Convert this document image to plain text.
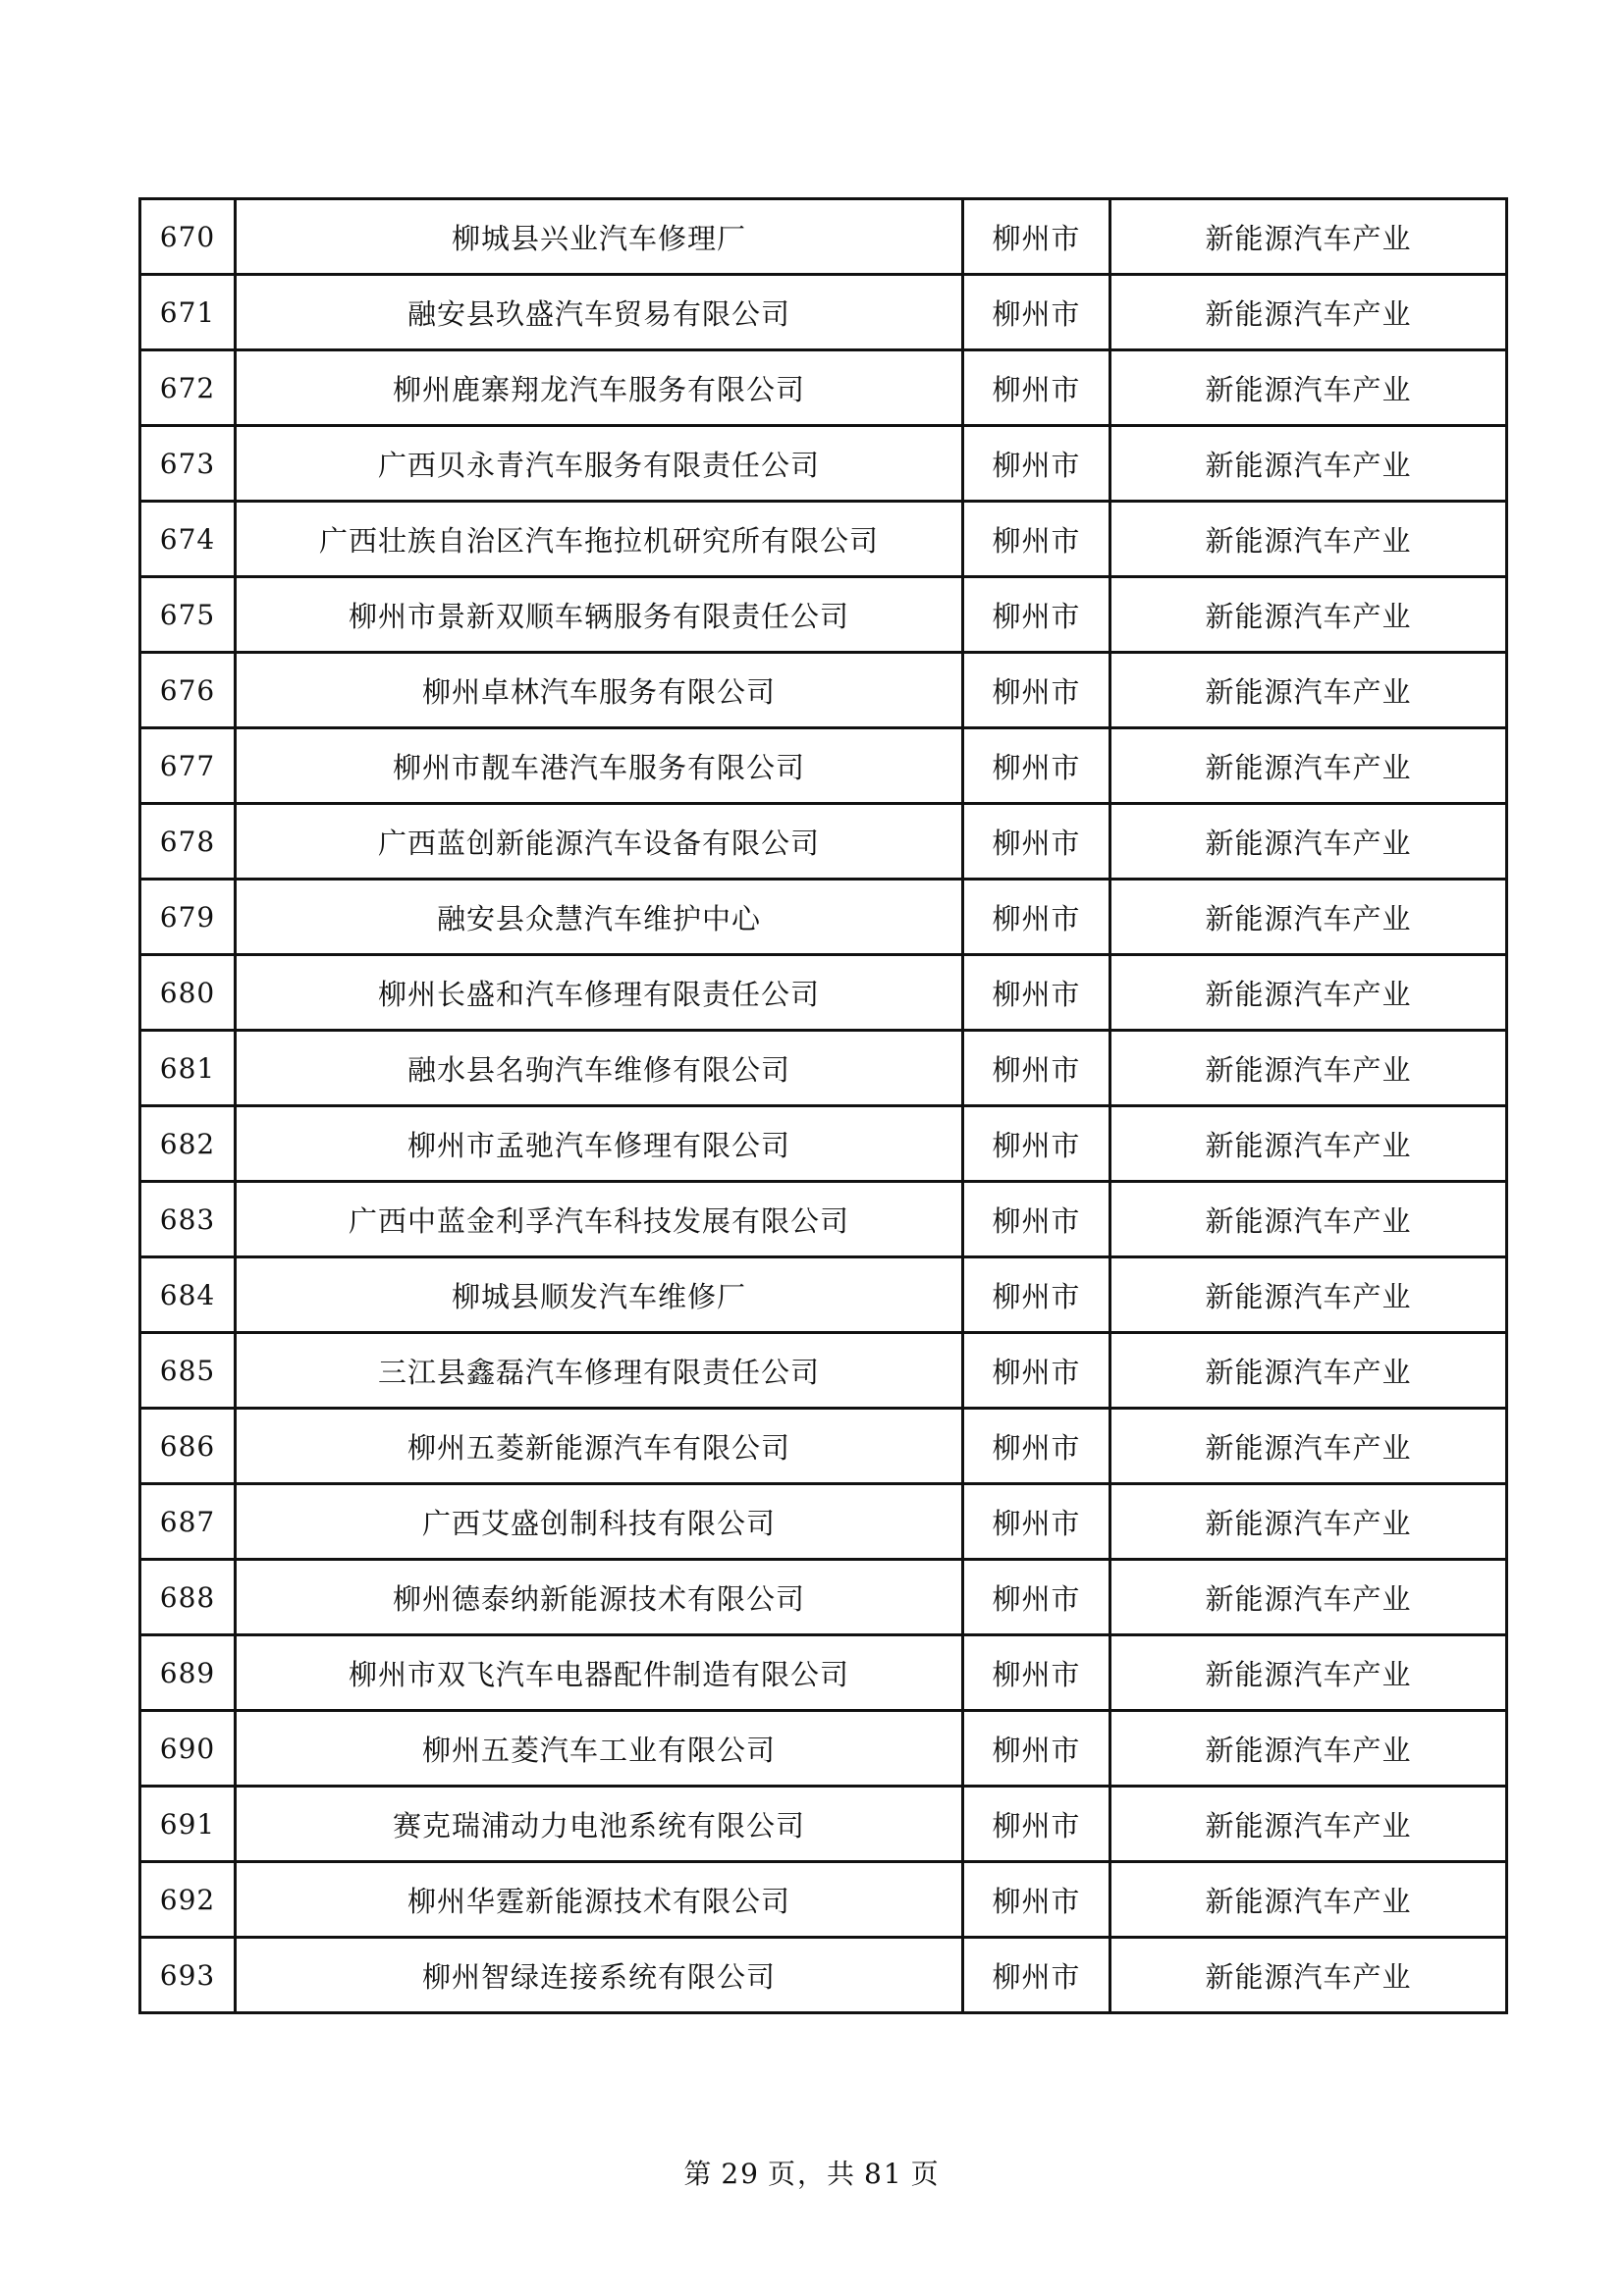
670	柳城县兴业汽车修理厂	柳州市	新能源汽车产业
671	融安县玖盛汽车贸易有限公司	柳州市	新能源汽车产业
672	柳州鹿寨翔龙汽车服务有限公司	柳州市	新能源汽车产业
673	广西贝永青汽车服务有限责任公司	柳州市	新能源汽车产业
674	广西壮族自治区汽车拖拉机研究所有限公司	柳州市	新能源汽车产业
675	柳州市景新双顺车辆服务有限责任公司	柳州市	新能源汽车产业
676	柳州卓林汽车服务有限公司	柳州市	新能源汽车产业
677	柳州市靓车港汽车服务有限公司	柳州市	新能源汽车产业
678	广西蓝创新能源汽车设备有限公司	柳州市	新能源汽车产业
679	融安县众慧汽车维护中心	柳州市	新能源汽车产业
680	柳州长盛和汽车修理有限责任公司	柳州市	新能源汽车产业
681	融水县名驹汽车维修有限公司	柳州市	新能源汽车产业
682	柳州市孟驰汽车修理有限公司	柳州市	新能源汽车产业
683	广西中蓝金利孚汽车科技发展有限公司	柳州市	新能源汽车产业
684	柳城县顺发汽车维修厂	柳州市	新能源汽车产业
685	三江县鑫磊汽车修理有限责任公司	柳州市	新能源汽车产业
686	柳州五菱新能源汽车有限公司	柳州市	新能源汽车产业
687	广西艾盛创制科技有限公司	柳州市	新能源汽车产业
688	柳州德泰纳新能源技术有限公司	柳州市	新能源汽车产业
689	柳州市双飞汽车电器配件制造有限公司	柳州市	新能源汽车产业
690	柳州五菱汽车工业有限公司	柳州市	新能源汽车产业
691	赛克瑞浦动力电池系统有限公司	柳州市	新能源汽车产业
692	柳州华霆新能源技术有限公司	柳州市	新能源汽车产业
693	柳州智绿连接系统有限公司	柳州市	新能源汽车产业
第 29 页，共 81 页
